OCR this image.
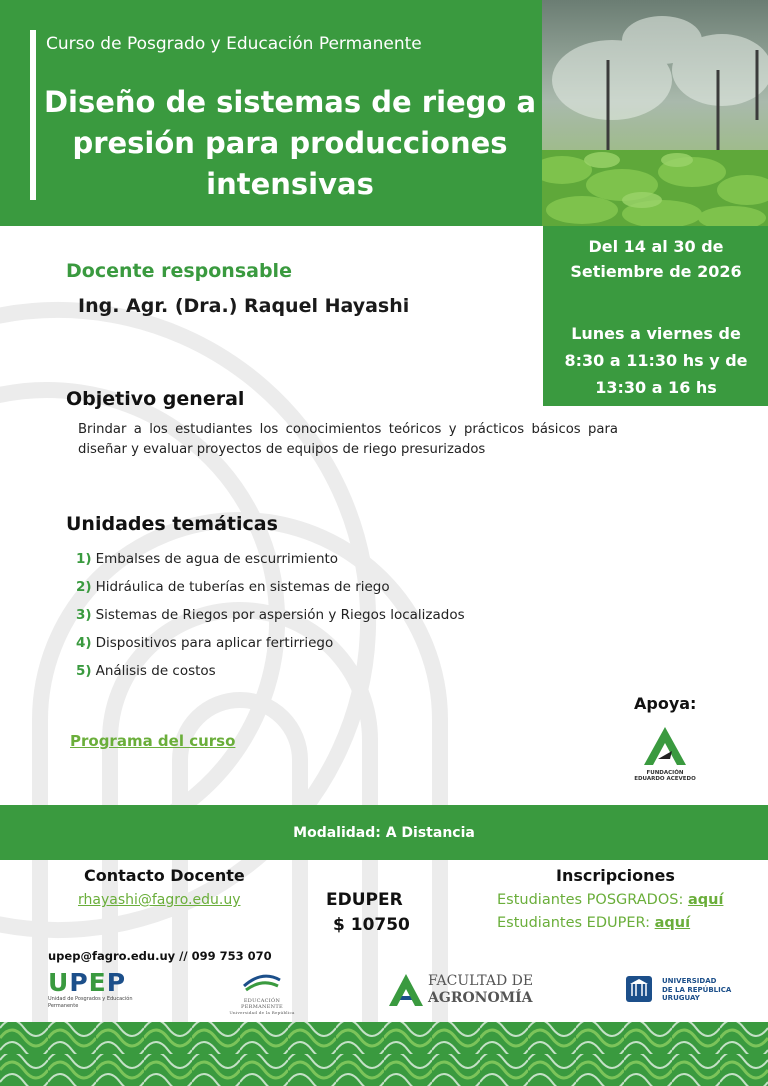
Curso de Posgrado y Educación Permanente
Diseño de sistemas de riego a presión para producciones intensivas
Del 14 al 30 de Setiembre de 2026
Lunes a viernes de 8:30 a 11:30 hs y de 13:30 a 16 hs
Docente responsable
Ing. Agr. (Dra.) Raquel Hayashi
Objetivo general
Brindar a los estudiantes los conocimientos teóricos y prácticos básicos para diseñar y evaluar proyectos de equipos de riego presurizados
Unidades temáticas
1) Embalses de agua de escurrimiento
2) Hidráulica de tuberías en sistemas de riego
3) Sistemas de Riegos por aspersión y Riegos localizados
4) Dispositivos para aplicar fertirriego
5) Análisis de costos
Programa del curso
Apoya:
FUNDACIÓN
EDUARDO ACEVEDO
Modalidad: A Distancia
Contacto Docente
rhayashi@fagro.edu.uy	EDUPER
$ 10750
Inscripciones
Estudiantes POSGRADOS: aquí
Estudiantes EDUPER: aquí
upep@fagro.edu.uy // 099 753 070
UPEP
Unidad de Posgrados y Educación Permanente
EDUCACIÓN PERMANENTE
Universidad de la República
FACULTAD DE
AGRONOMÍA
UNIVERSIDAD
DE LA REPÚBLICA
URUGUAY
